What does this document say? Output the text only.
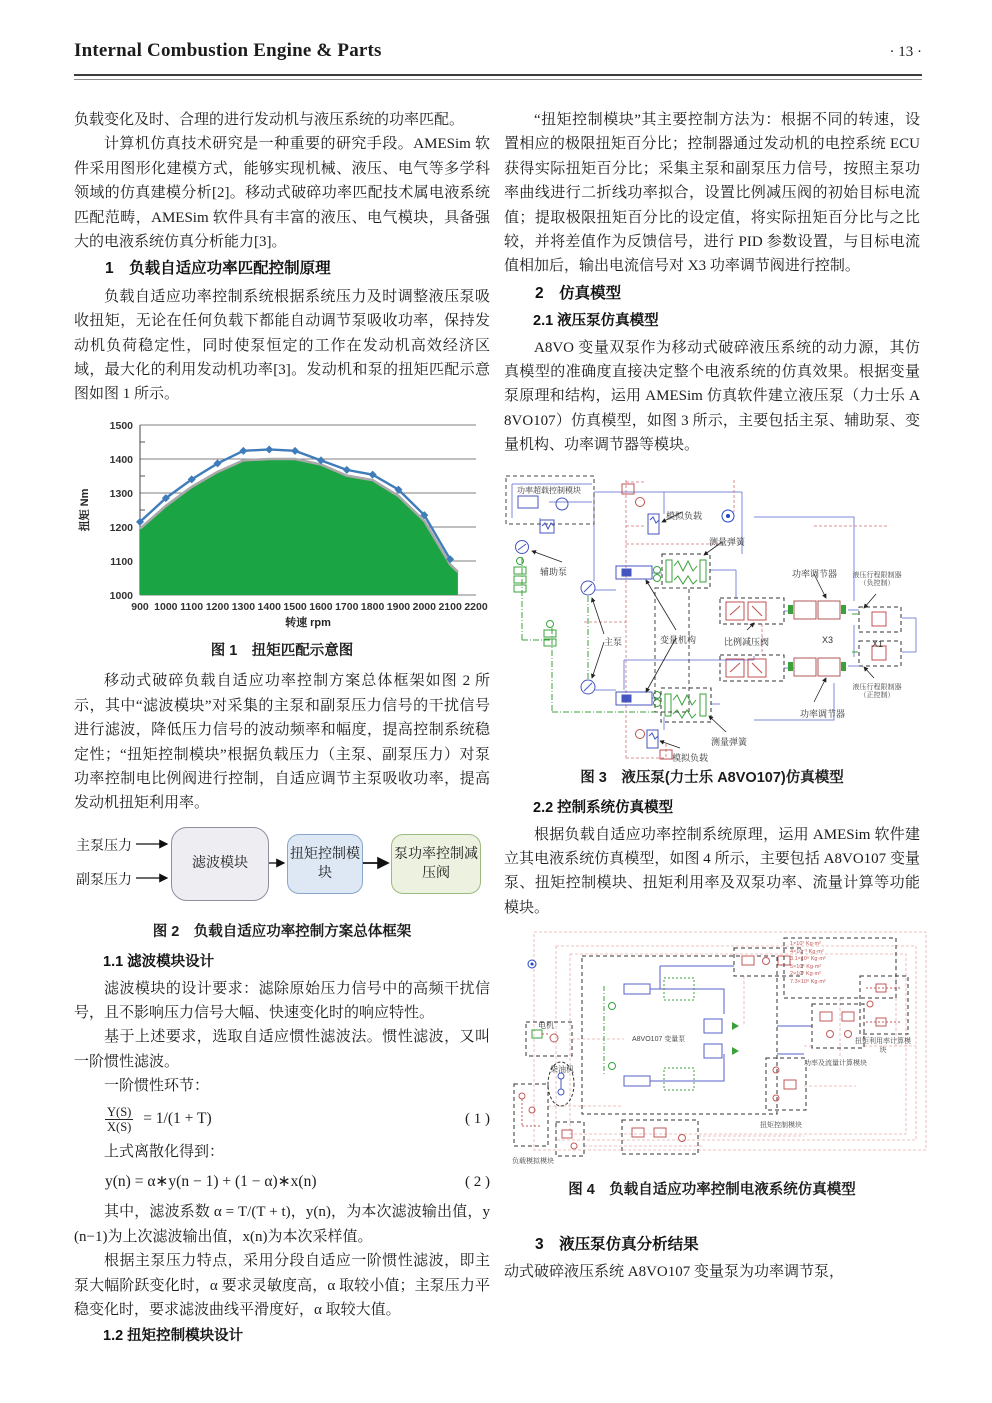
Internal Combustion Engine & Parts	· 13 ·

负载变化及时、合理的进行发动机与液压系统的功率匹配。

计算机仿真技术研究是一种重要的研究手段。AMESim 软件采用图形化建模方式，能够实现机械、液压、电气等多学科领域的仿真建模分析[2]。移动式破碎功率匹配技术属电液系统匹配范畴，AMESim 软件具有丰富的液压、电气模块，具备强大的电液系统仿真分析能力[3]。

1　负载自适应功率匹配控制原理

负载自适应功率控制系统根据系统压力及时调整液压泵吸收扭矩，无论在任何负载下都能自动调节泵吸收功率，保持发动机负荷稳定性，同时使泵恒定的工作在发动机高效经济区域，最大化的利用发动机功率[3]。发动机和泵的扭矩匹配示意图如图 1 所示。

1000
1100
1200
1300
1400
1500
900 1000 1100 1200 1300 1400 1500 1600 1700 1800 1900 2000 2100 2200
转速 rpm
扭矩 Nm
图 1　扭矩匹配示意图

移动式破碎负载自适应功率控制方案总体框架如图 2 所示，其中“滤波模块”对采集的主泵和副泵压力信号的干扰信号进行滤波，降低压力信号的波动频率和幅度，提高控制系统稳定性；“扭矩控制模块”根据负载压力（主泵、副泵压力）对泵功率控制电比例阀进行控制，自适应调节主泵吸收功率，提高发动机扭矩利用率。

主泵压力
副泵压力
滤波模块
扭矩控制模块
泵功率控制减压阀
图 2　负载自适应功率控制方案总体框架
1.1 滤波模块设计

滤波模块的设计要求：滤除原始压力信号中的高频干扰信号，且不影响压力信号大幅、快速变化时的响应特性。

基于上述要求，选取自适应惯性滤波法。惯性滤波，又叫一阶惯性滤波。

一阶惯性环节：

$\frac{Y(S)}{X(S)} = 1/(1 + T)$	( 1 )

上式离散化得到：

y(n) = α∗y(n − 1) + (1 − α)∗x(n)	( 2 )

其中，滤波系数 α = T/(T + t)，y(n)，为本次滤波输出值，y(n−1)为上次滤波输出值，x(n)为本次采样值。

根据主泵压力特点，采用分段自适应一阶惯性滤波，即主泵大幅阶跃变化时，α 要求灵敏度高，α 取较小值；主泵压力平稳变化时，要求滤波曲线平滑度好，α 取较大值。

1.2 扭矩控制模块设计

“扭矩控制模块”其主要控制方法为：根据不同的转速，设置相应的极限扭矩百分比；控制器通过发动机的电控系统 ECU 获得实际扭矩百分比；采集主泵和副泵压力信号，按照主泵功率曲线进行二折线功率拟合，设置比例减压阀的初始目标电流值；提取极限扭矩百分比的设定值，将实际扭矩百分比与之比较，并将差值作为反馈信号，进行 PID 参数设置，与目标电流值相加后，输出电流信号对 X3 功率调节阀进行控制。

2　仿真模型
2.1 液压泵仿真模型

A8VO 变量双泵作为移动式破碎液压系统的动力源，其仿真模型的准确度直接决定整个电液系统的仿真效果。根据变量泵原理和结构，运用 AMESim 仿真软件建立液压泵（力士乐 A8VO107）仿真模型，如图 3 所示，主要包括主泵、辅助泵、变量机构、功率调节器等模块。

功率超载控制模块
辅助泵
模拟负载
测量弹簧
功率调节器	液压行程限制器（负控制）
主泵	变量机构	比例减压阀	X3	X1
液压行程限制器（正控制）
功率调节器
测量弹簧
模拟负载
图 3　液压泵(力士乐 A8VO107)仿真模型
2.2 控制系统仿真模型

根据负载自适应功率控制系统原理，运用 AMESim 软件建立其电液系统仿真模型，如图 4 所示，主要包括 A8VO107 变量泵、扭矩控制模块、扭矩利用率及双泵功率、流量计算等功能模块。

电机
柴油机
A8VO107 变量泵
扭矩控制模块
功率及流量计算模块
扭矩利用率计算模块
负载模拟模块
1×10⁷ Kg·m²
4×10⁻³ Kg·m²
3.1×10⁶ Kg·m²
5×10⁴ Kg·m²
2×10⁷ Kg·m²
7.3×10⁶ Kg·m²
图 4　负载自适应功率控制电液系统仿真模型
3　液压泵仿真分析结果

动式破碎液压系统 A8VO107 变量泵为功率调节泵，
